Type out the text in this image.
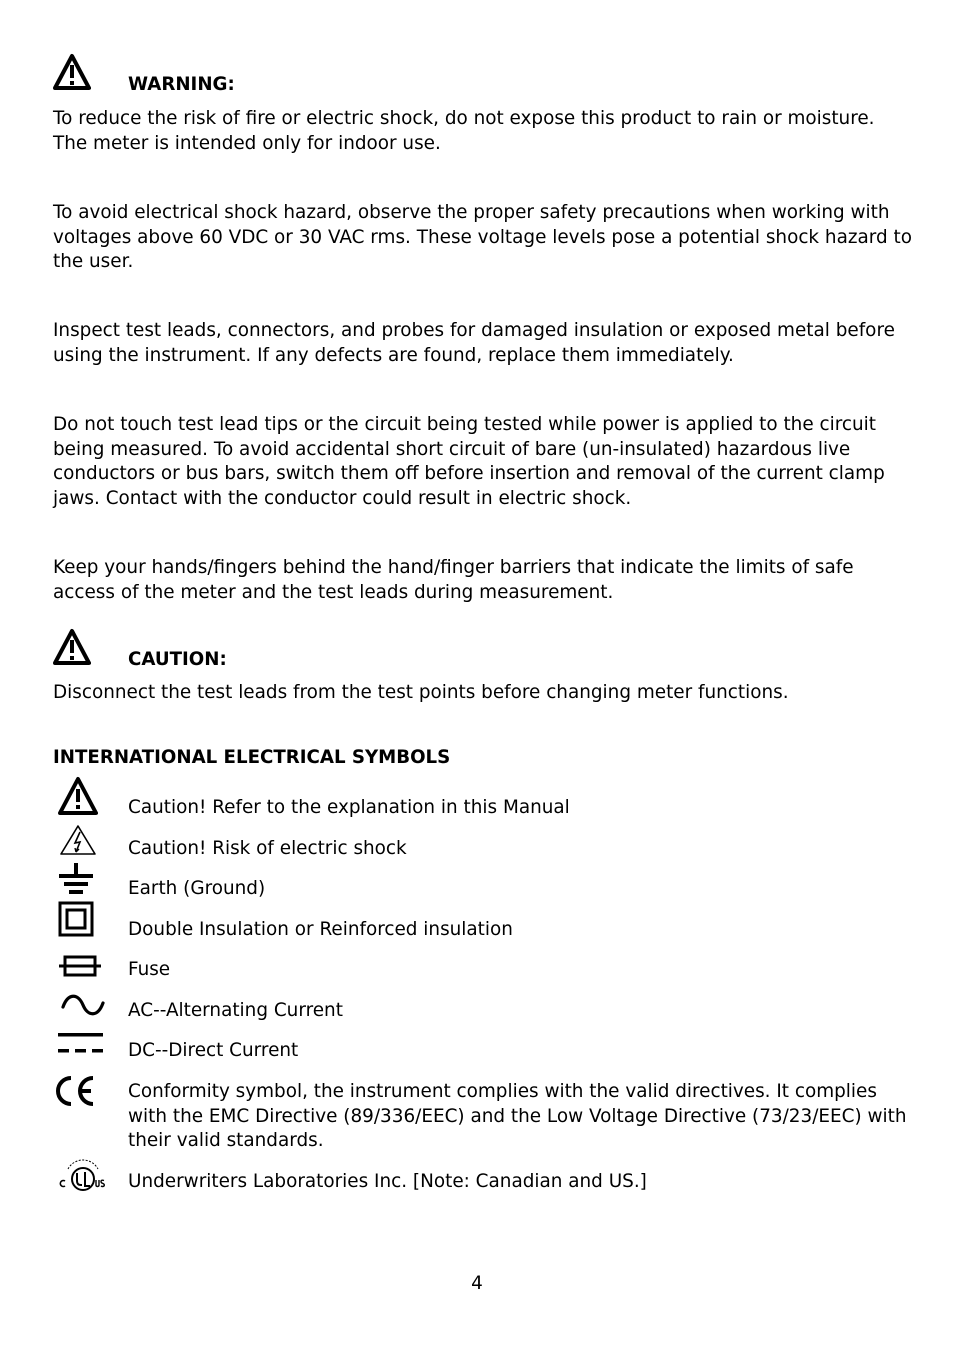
WARNING:
To reduce the risk of fire or electric shock, do not expose this product to rain or moisture. The meter is intended only for indoor use.
To avoid electrical shock hazard, observe the proper safety precautions when working with voltages above 60 VDC or 30 VAC rms. These voltage levels pose a potential shock hazard to the user.
Inspect test leads, connectors, and probes for damaged insulation or exposed metal before using the instrument. If any defects are found, replace them immediately.
Do not touch test lead tips or the circuit being tested while power is applied to the circuit being measured. To avoid accidental short circuit of bare (un-insulated) hazardous live conductors or bus bars, switch them off before insertion and removal of the current clamp jaws. Contact with the conductor could result in electric shock.
Keep your hands/fingers behind the hand/finger barriers that indicate the limits of safe access of the meter and the test leads during measurement.
CAUTION:
Disconnect the test leads from the test points before changing meter functions.
INTERNATIONAL ELECTRICAL SYMBOLS
Caution! Refer to the explanation in this Manual
Caution! Risk of electric shock
Earth (Ground)
Double Insulation or Reinforced insulation
Fuse
AC--Alternating Current
DC--Direct Current
Conformity symbol, the instrument complies with the valid directives. It complies with the EMC Directive (89/336/EEC) and the Low Voltage Directive (73/23/EEC) with their valid standards.
Underwriters Laboratories Inc. [Note: Canadian and US.]
4
